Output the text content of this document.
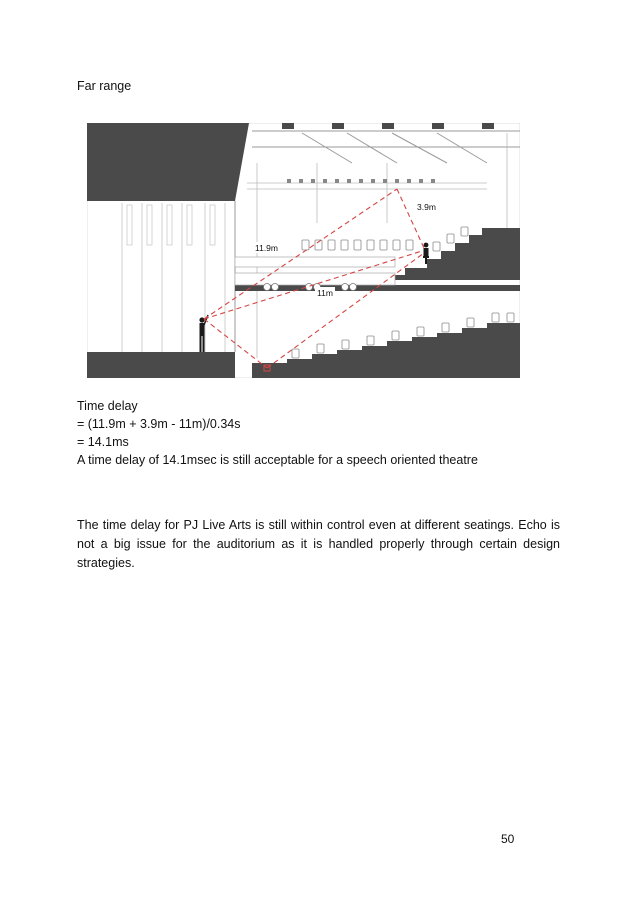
Far range
3.9m
11.9m
11m
Time delay
= (11.9m + 3.9m - 11m)/0.34s
= 14.1ms
A time delay of 14.1msec is still acceptable for a speech oriented theatre
The time delay for PJ Live Arts is still within control even at different seatings. Echo is not a big issue for the auditorium as it is handled properly through certain design strategies.
50
